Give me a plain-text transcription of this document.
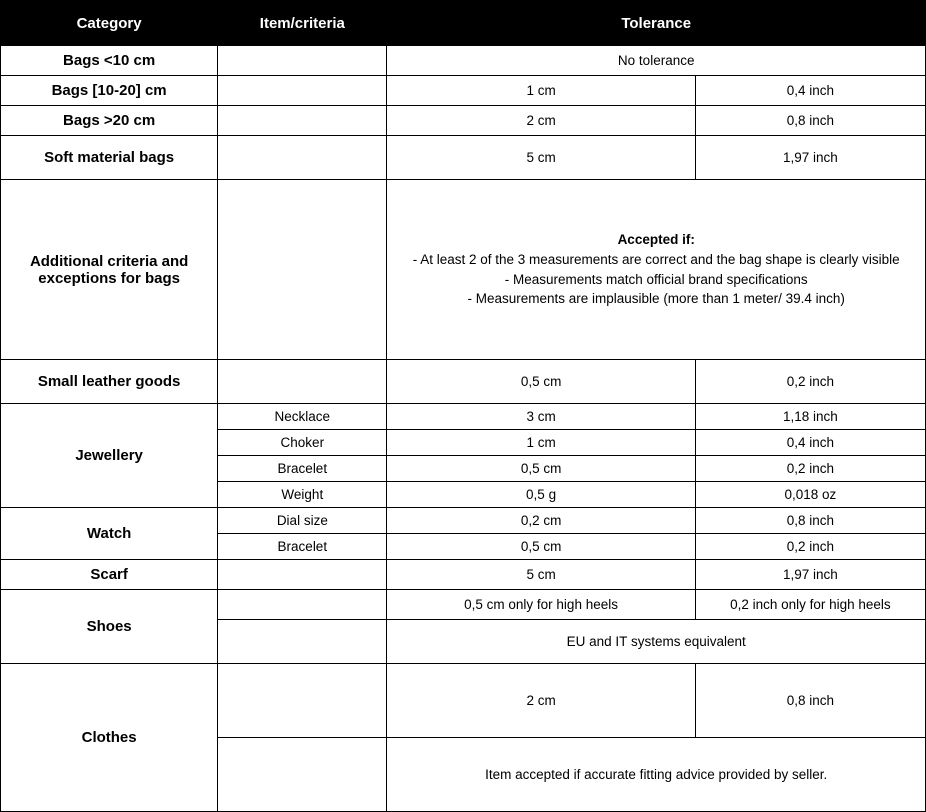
Category	Item/criteria	Tolerance	
Bags <10 cm		No tolerance	
Bags [10-20] cm		1 cm	0,4 inch
Bags >20 cm		2 cm	0,8 inch
Soft material bags		5 cm	1,97 inch
Additional criteria and exceptions for bags		Accepted if:
- At least 2 of the 3 measurements are correct and the bag shape is clearly visible
- Measurements match official brand specifications
- Measurements are implausible (more than 1 meter/ 39.4 inch)	

Small leather goods		0,5 cm	0,2 inch
Jewellery	Necklace	3 cm	1,18 inch
	Choker	1 cm	0,4 inch
	Bracelet	0,5 cm	0,2 inch
	Weight	0,5 g	0,018 oz
Watch	Dial size	0,2 cm	0,8 inch
	Bracelet	0,5 cm	0,2 inch
Scarf		5 cm	1,97 inch
Shoes		0,5 cm only for high heels	0,2 inch only for high heels
		EU and IT systems equivalent	
Clothes		2 cm	0,8 inch
		Item accepted if accurate fitting advice provided by seller.	
